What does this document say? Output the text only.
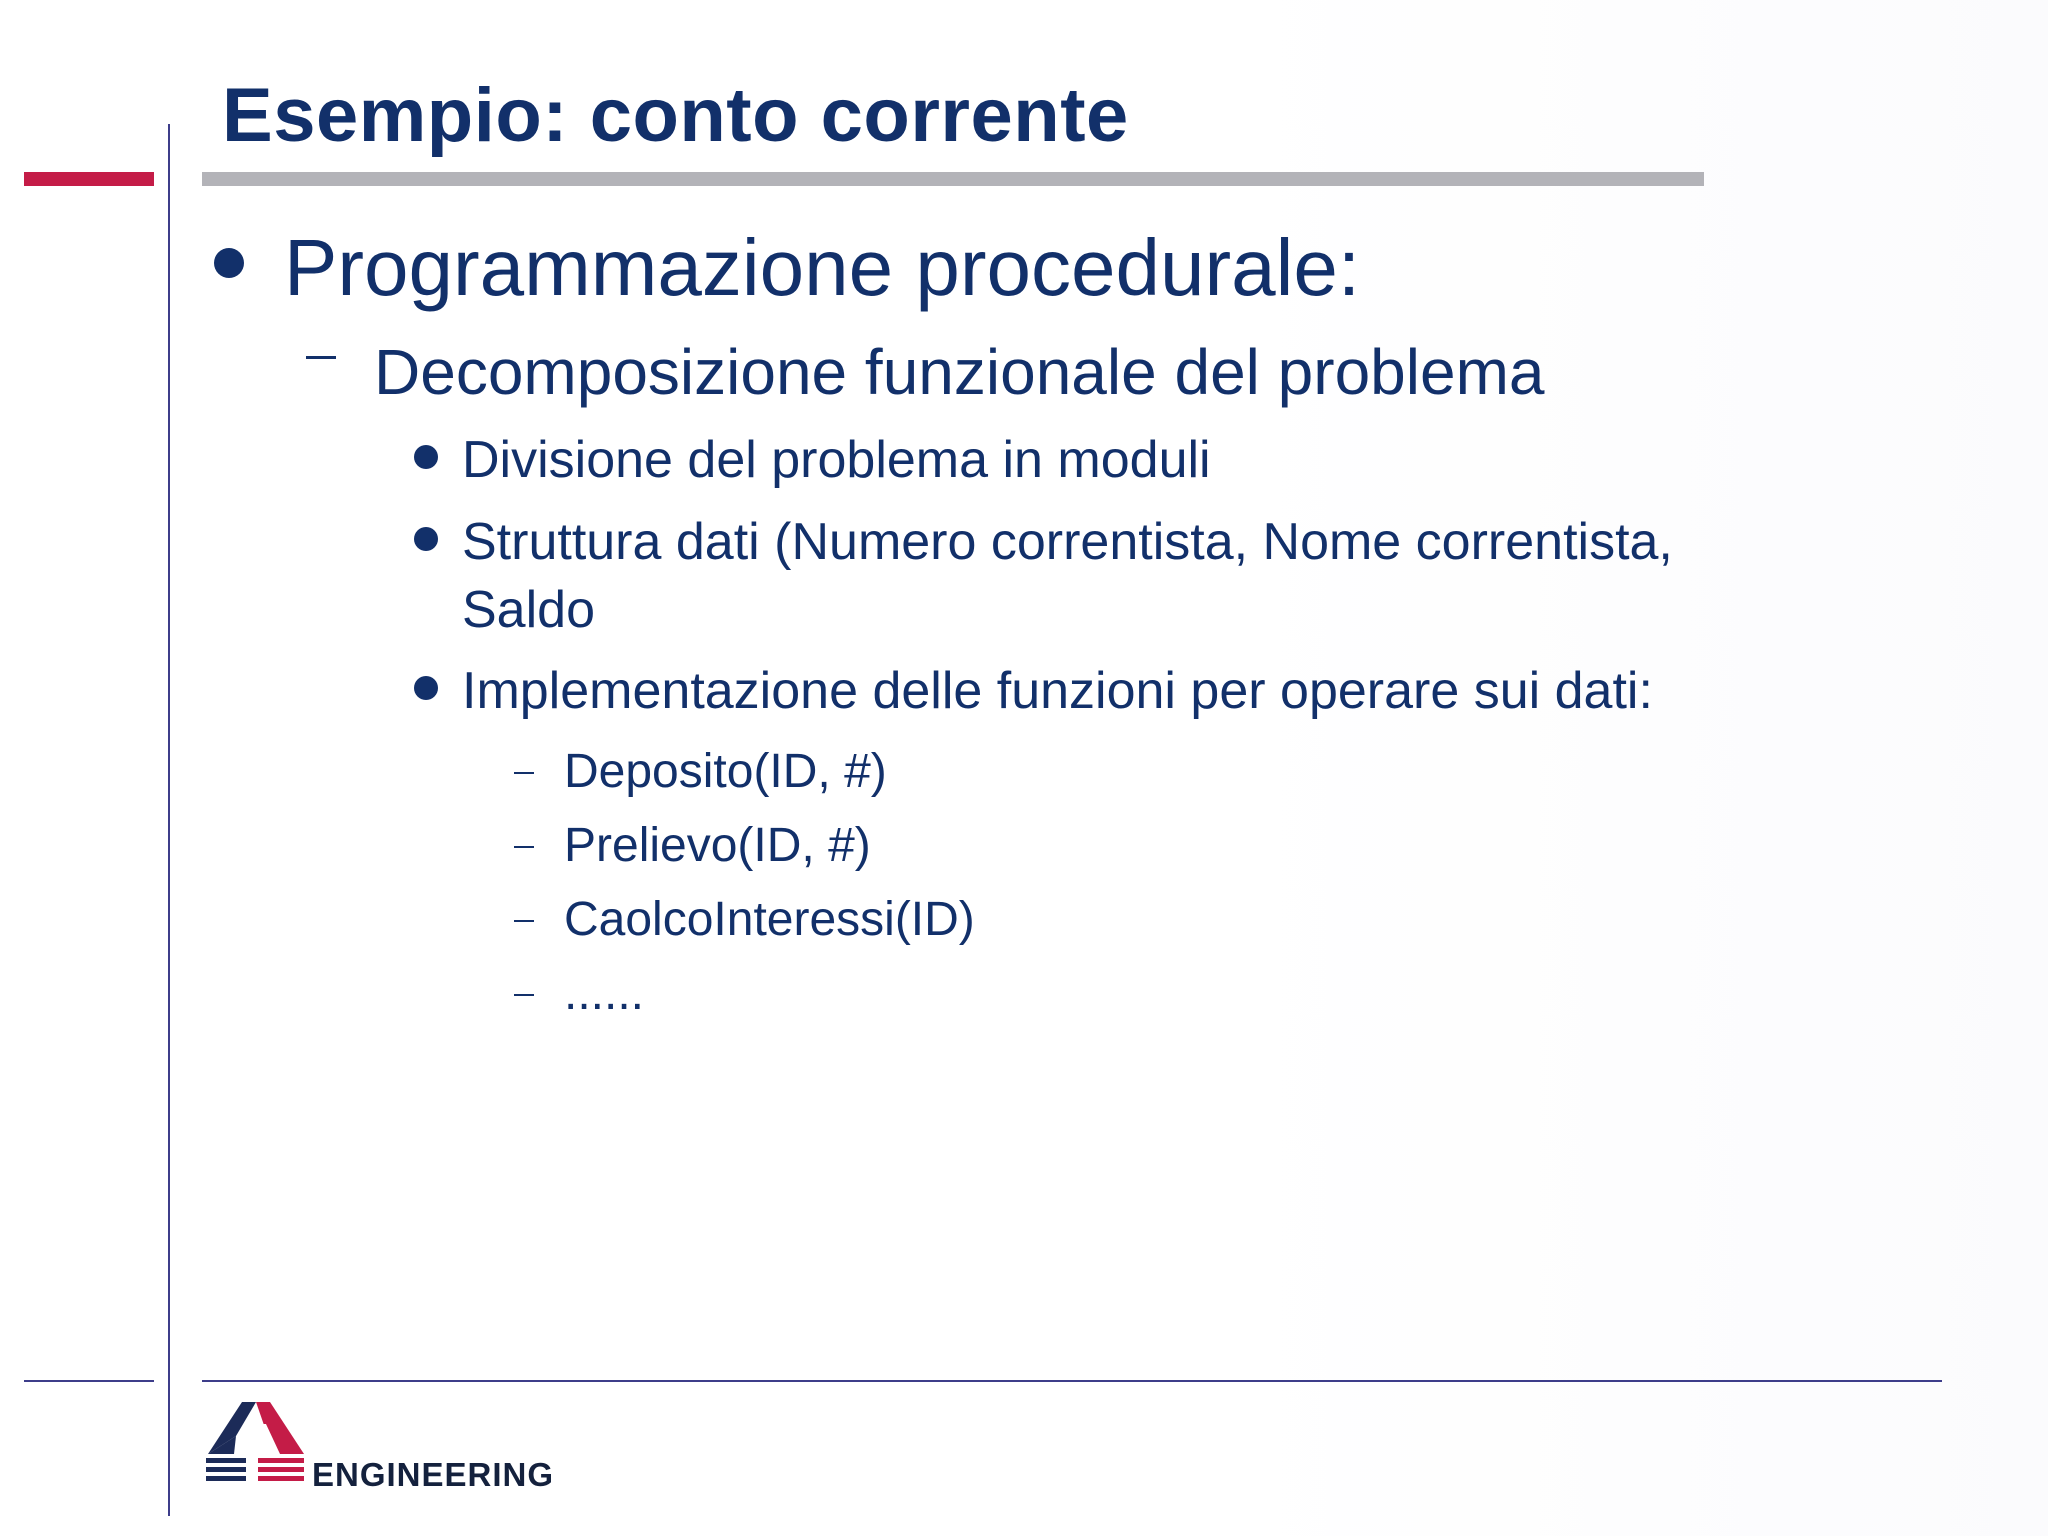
Esempio: conto corrente
Programmazione procedurale:
Decomposizione funzionale del problema
Divisione del problema in moduli
Struttura dati (Numero correntista, Nome correntista,
Saldo
Implementazione delle funzioni per operare sui dati:
Deposito(ID, #)
Prelievo(ID, #)
CaolcoInteressi(ID)
......
ENGINEERING
